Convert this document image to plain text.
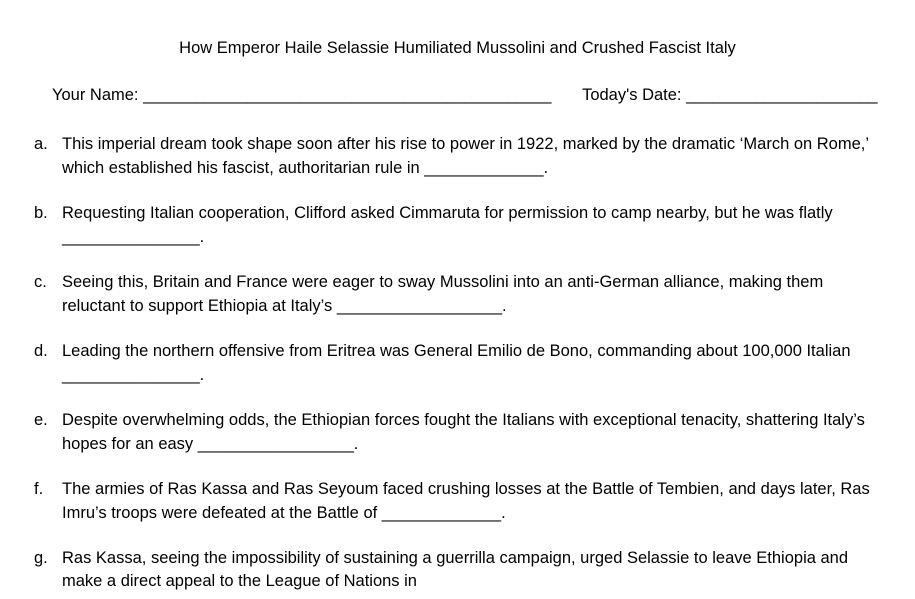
How Emperor Haile Selassie Humiliated Mussolini and Crushed Fascist Italy
Your Name:
_______________________________________________ Today's Date:
______________________
a. This imperial dream took shape soon after his rise to power in 1922, marked by the dramatic ‘March on Rome,’ which established his fascist, authoritarian rule in _____________.
b. Requesting Italian cooperation, Clifford asked Cimmaruta for permission to camp nearby, but he was flatly _______________.
c. Seeing this, Britain and France were eager to sway Mussolini into an anti-German alliance, making them reluctant to support Ethiopia at Italy’s __________________.
d. Leading the northern offensive from Eritrea was General Emilio de Bono, commanding about 100,000 Italian _______________.
e. Despite overwhelming odds, the Ethiopian forces fought the Italians with exceptional tenacity, shattering Italy’s hopes for an easy _________________.
f.	The armies of Ras Kassa and Ras Seyoum faced crushing losses at the Battle of Tembien, and days later, Ras Imru’s troops were defeated at the Battle of _____________.
g. Ras Kassa, seeing the impossibility of sustaining a guerrilla campaign, urged Selassie to leave Ethiopia and make a direct appeal to the League of Nations in
